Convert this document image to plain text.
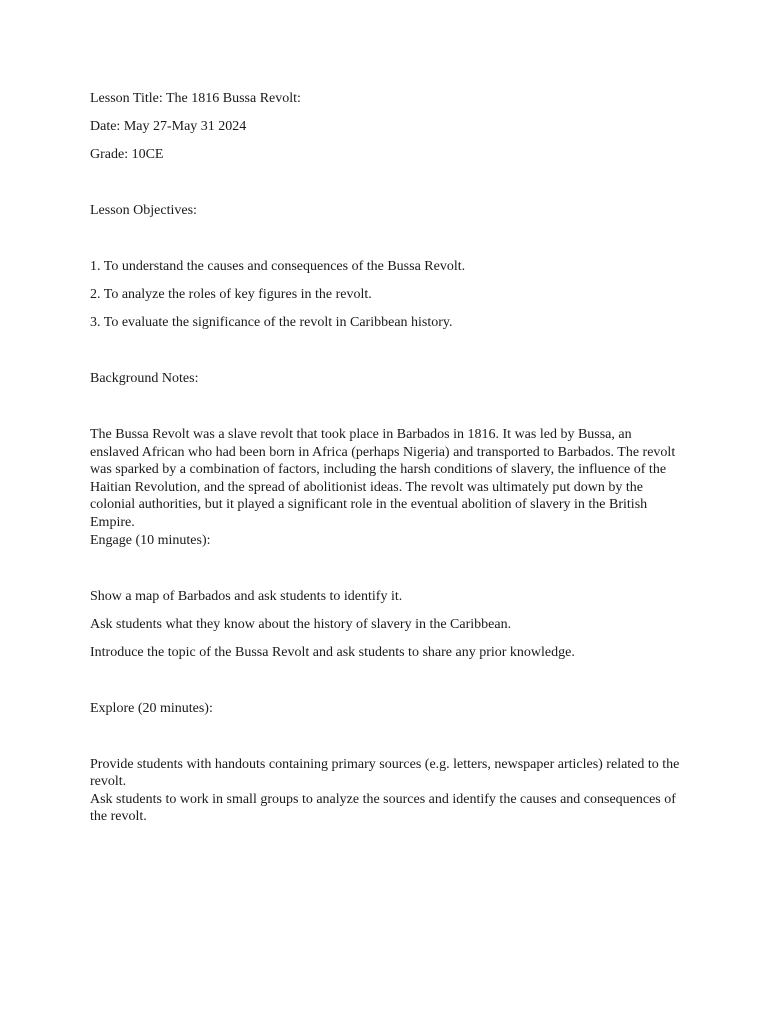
Lesson Title: The 1816 Bussa Revolt:

Date: May 27-May 31 2024

Grade: 10CE

Lesson Objectives:

1. To understand the causes and consequences of the Bussa Revolt.

2. To analyze the roles of key figures in the revolt.

3. To evaluate the significance of the revolt in Caribbean history.

Background Notes:

The Bussa Revolt was a slave revolt that took place in Barbados in 1816. It was led by Bussa, an enslaved African who had been born in Africa (perhaps Nigeria) and transported to Barbados. The revolt was sparked by a combination of factors, including the harsh conditions of slavery, the influence of the Haitian Revolution, and the spread of abolitionist ideas. The revolt was ultimately put down by the colonial authorities, but it played a significant role in the eventual abolition of slavery in the British Empire.

Engage (10 minutes):

Show a map of Barbados and ask students to identify it.

Ask students what they know about the history of slavery in the Caribbean.

Introduce the topic of the Bussa Revolt and ask students to share any prior knowledge.

Explore (20 minutes):

Provide students with handouts containing primary sources (e.g. letters, newspaper articles) related to the revolt.

Ask students to work in small groups to analyze the sources and identify the causes and consequences of the revolt.
